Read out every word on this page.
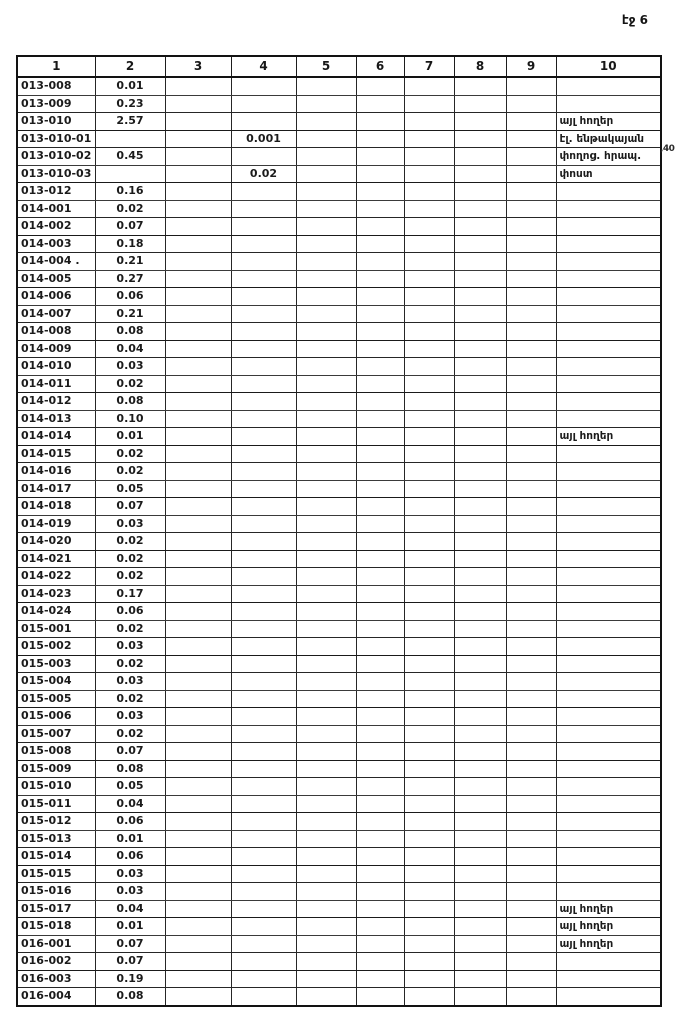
էջ 6
1	2	3	4	5	6	7	8	9	10
013-008	0.01								
013-009	0.23								
013-010	2.57								այլ հողեր
013-010-01			0.001						էլ. ենթակայան
013-010-02	0.45								փողոց. հրապ.
013-010-03			0.02						փոստ
013-012	0.16								
014-001	0.02								
014-002	0.07								
014-003	0.18								
014-004 .	0.21								
014-005	0.27								
014-006	0.06								
014-007	0.21								
014-008	0.08								
014-009	0.04								
014-010	0.03								
014-011	0.02								
014-012	0.08								
014-013	0.10								
014-014	0.01								այլ հողեր
014-015	0.02								
014-016	0.02								
014-017	0.05								
014-018	0.07								
014-019	0.03								
014-020	0.02								
014-021	0.02								
014-022	0.02								
014-023	0.17								
014-024	0.06								
015-001	0.02								
015-002	0.03								
015-003	0.02								
015-004	0.03								
015-005	0.02								
015-006	0.03								
015-007	0.02								
015-008	0.07								
015-009	0.08								
015-010	0.05								
015-011	0.04								
015-012	0.06								
015-013	0.01								
015-014	0.06								
015-015	0.03								
015-016	0.03								
015-017	0.04								այլ հողեր
015-018	0.01								այլ հողեր
016-001	0.07								այլ հողեր
016-002	0.07								
016-003	0.19								
016-004	0.08								
,40
